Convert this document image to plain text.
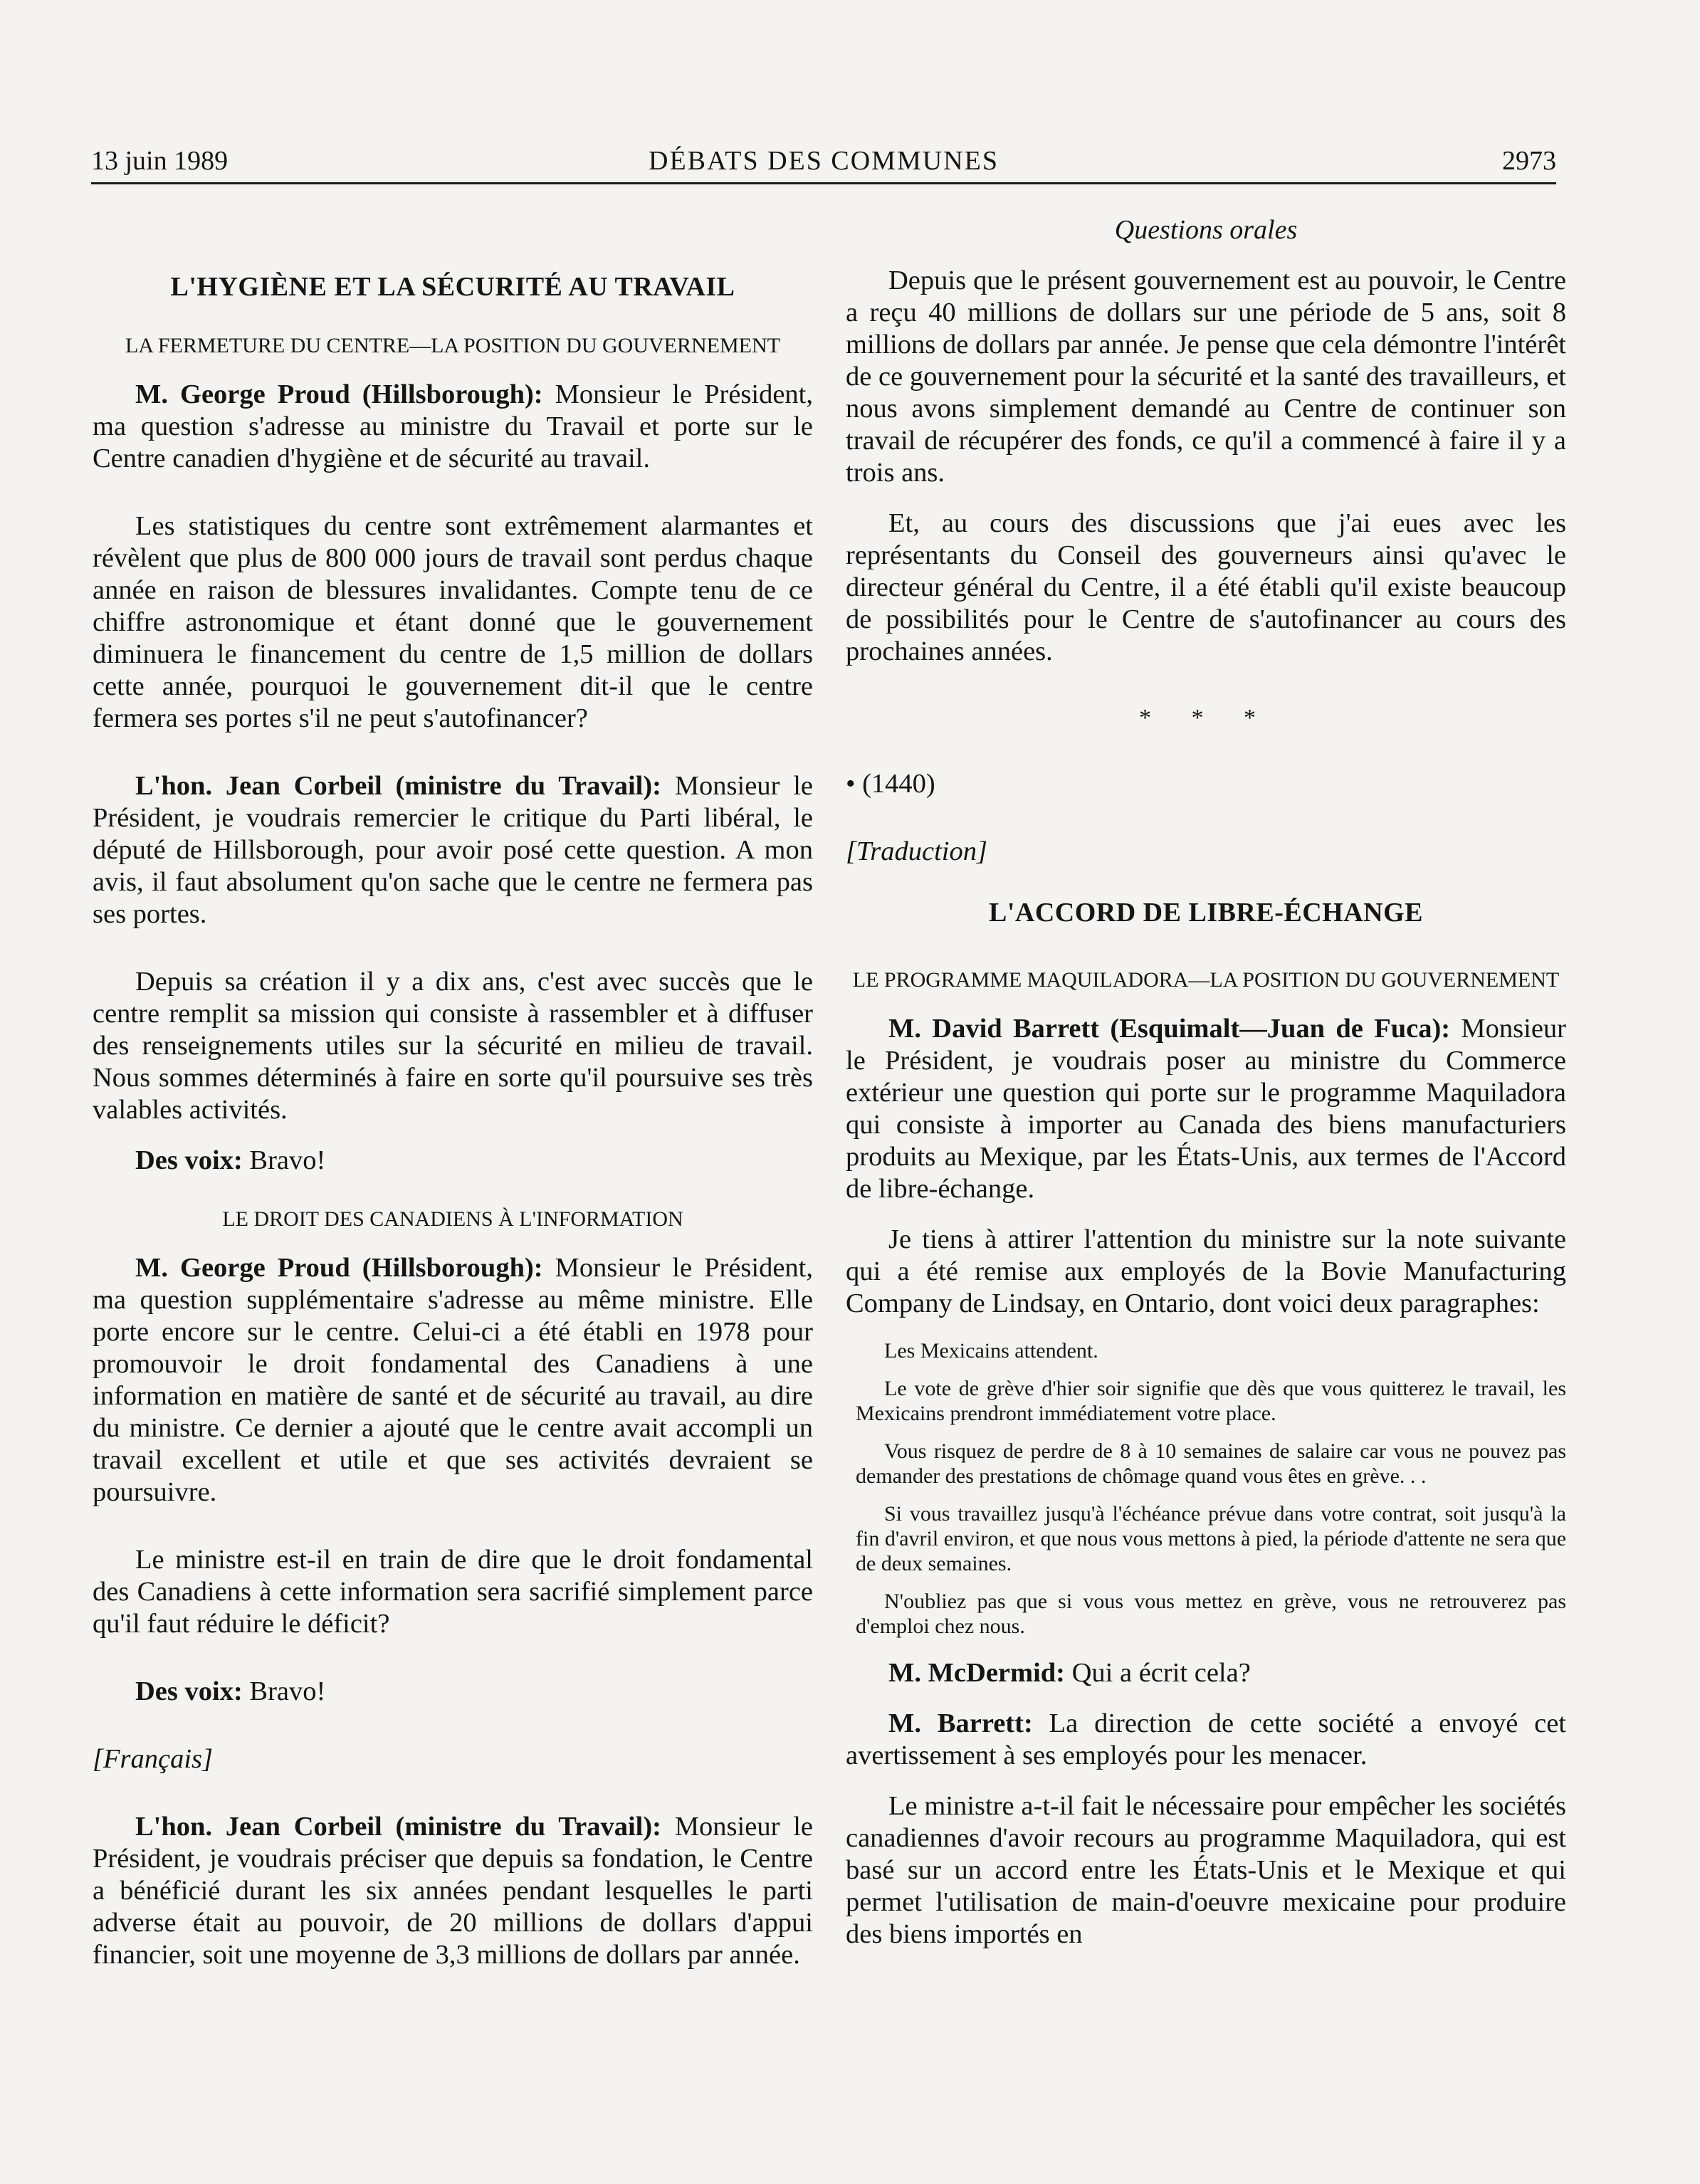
13 juin 1989	DÉBATS DES COMMUNES	2973

L'HYGIÈNE ET LA SÉCURITÉ AU TRAVAIL

LA FERMETURE DU CENTRE—LA POSITION DU GOUVERNEMENT

M. George Proud (Hillsborough): Monsieur le Président, ma question s'adresse au ministre du Travail et porte sur le Centre canadien d'hygiène et de sécurité au travail.

Les statistiques du centre sont extrêmement alarmantes et révèlent que plus de 800 000 jours de travail sont perdus chaque année en raison de blessures invalidantes. Compte tenu de ce chiffre astronomique et étant donné que le gouvernement diminuera le financement du centre de 1,5 million de dollars cette année, pourquoi le gouvernement dit-il que le centre fermera ses portes s'il ne peut s'autofinancer?

L'hon. Jean Corbeil (ministre du Travail): Monsieur le Président, je voudrais remercier le critique du Parti libéral, le député de Hillsborough, pour avoir posé cette question. A mon avis, il faut absolument qu'on sache que le centre ne fermera pas ses portes.

Depuis sa création il y a dix ans, c'est avec succès que le centre remplit sa mission qui consiste à rassembler et à diffuser des renseignements utiles sur la sécurité en milieu de travail. Nous sommes déterminés à faire en sorte qu'il poursuive ses très valables activités.

Des voix: Bravo!

LE DROIT DES CANADIENS À L'INFORMATION

M. George Proud (Hillsborough): Monsieur le Président, ma question supplémentaire s'adresse au même ministre. Elle porte encore sur le centre. Celui-ci a été établi en 1978 pour promouvoir le droit fondamental des Canadiens à une information en matière de santé et de sécurité au travail, au dire du ministre. Ce dernier a ajouté que le centre avait accompli un travail excellent et utile et que ses activités devraient se poursuivre.

Le ministre est-il en train de dire que le droit fondamental des Canadiens à cette information sera sacrifié simplement parce qu'il faut réduire le déficit?

Des voix: Bravo!

[Français]

L'hon. Jean Corbeil (ministre du Travail): Monsieur le Président, je voudrais préciser que depuis sa fondation, le Centre a bénéficié durant les six années pendant lesquelles le parti adverse était au pouvoir, de 20 millions de dollars d'appui financier, soit une moyenne de 3,3 millions de dollars par année.

Questions orales

Depuis que le présent gouvernement est au pouvoir, le Centre a reçu 40 millions de dollars sur une période de 5 ans, soit 8 millions de dollars par année. Je pense que cela démontre l'intérêt de ce gouvernement pour la sécurité et la santé des travailleurs, et nous avons simplement demandé au Centre de continuer son travail de récupérer des fonds, ce qu'il a commencé à faire il y a trois ans.

Et, au cours des discussions que j'ai eues avec les représentants du Conseil des gouverneurs ainsi qu'avec le directeur général du Centre, il a été établi qu'il existe beaucoup de possibilités pour le Centre de s'autofinancer au cours des prochaines années.

* * *

• (1440)

[Traduction]

L'ACCORD DE LIBRE-ÉCHANGE

LE PROGRAMME MAQUILADORA—LA POSITION DU GOUVERNEMENT

M. David Barrett (Esquimalt—Juan de Fuca): Monsieur le Président, je voudrais poser au ministre du Commerce extérieur une question qui porte sur le programme Maquiladora qui consiste à importer au Canada des biens manufacturiers produits au Mexique, par les États-Unis, aux termes de l'Accord de libre-échange.

Je tiens à attirer l'attention du ministre sur la note suivante qui a été remise aux employés de la Bovie Manufacturing Company de Lindsay, en Ontario, dont voici deux paragraphes:

Les Mexicains attendent.

Le vote de grève d'hier soir signifie que dès que vous quitterez le travail, les Mexicains prendront immédiatement votre place.

Vous risquez de perdre de 8 à 10 semaines de salaire car vous ne pouvez pas demander des prestations de chômage quand vous êtes en grève. . .

Si vous travaillez jusqu'à l'échéance prévue dans votre contrat, soit jusqu'à la fin d'avril environ, et que nous vous mettons à pied, la période d'attente ne sera que de deux semaines.

N'oubliez pas que si vous vous mettez en grève, vous ne retrouverez pas d'emploi chez nous.

M. McDermid: Qui a écrit cela?

M. Barrett: La direction de cette société a envoyé cet avertissement à ses employés pour les menacer.

Le ministre a-t-il fait le nécessaire pour empêcher les sociétés canadiennes d'avoir recours au programme Maquiladora, qui est basé sur un accord entre les États-Unis et le Mexique et qui permet l'utilisation de main-d'oeuvre mexicaine pour produire des biens importés en
